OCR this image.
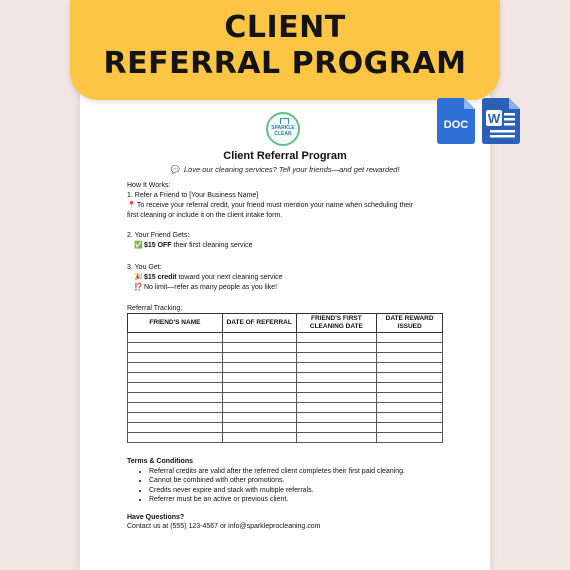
CLIENT
REFERRAL PROGRAM
DOC W
SPARKLE
CLEAN
Client Referral Program
💬 Love our cleaning services? Tell your friends—and get rewarded!
How It Works:
1. Refer a Friend to [Your Business Name]
📍 To receive your referral credit, your friend must mention your name when scheduling their
first cleaning or include it on the client intake form.
2. Your Friend Gets:
✅ $15 OFF their first cleaning service
3. You Get:
🎉 $15 credit toward your next cleaning service
⁉️ No limit—refer as many people as you like!
Referral Tracking:
FRIEND'S NAME	DATE OF REFERRAL	FRIEND'S FIRST CLEANING DATE	DATE REWARD ISSUED

Terms & Conditions
• Referral credits are valid after the referred client completes their first paid cleaning.
• Cannot be combined with other promotions.
• Credits never expire and stack with multiple referrals.
• Referrer must be an active or previous client.
Have Questions?
Contact us at (555) 123-4567 or info@sparkleprocleaning.com
